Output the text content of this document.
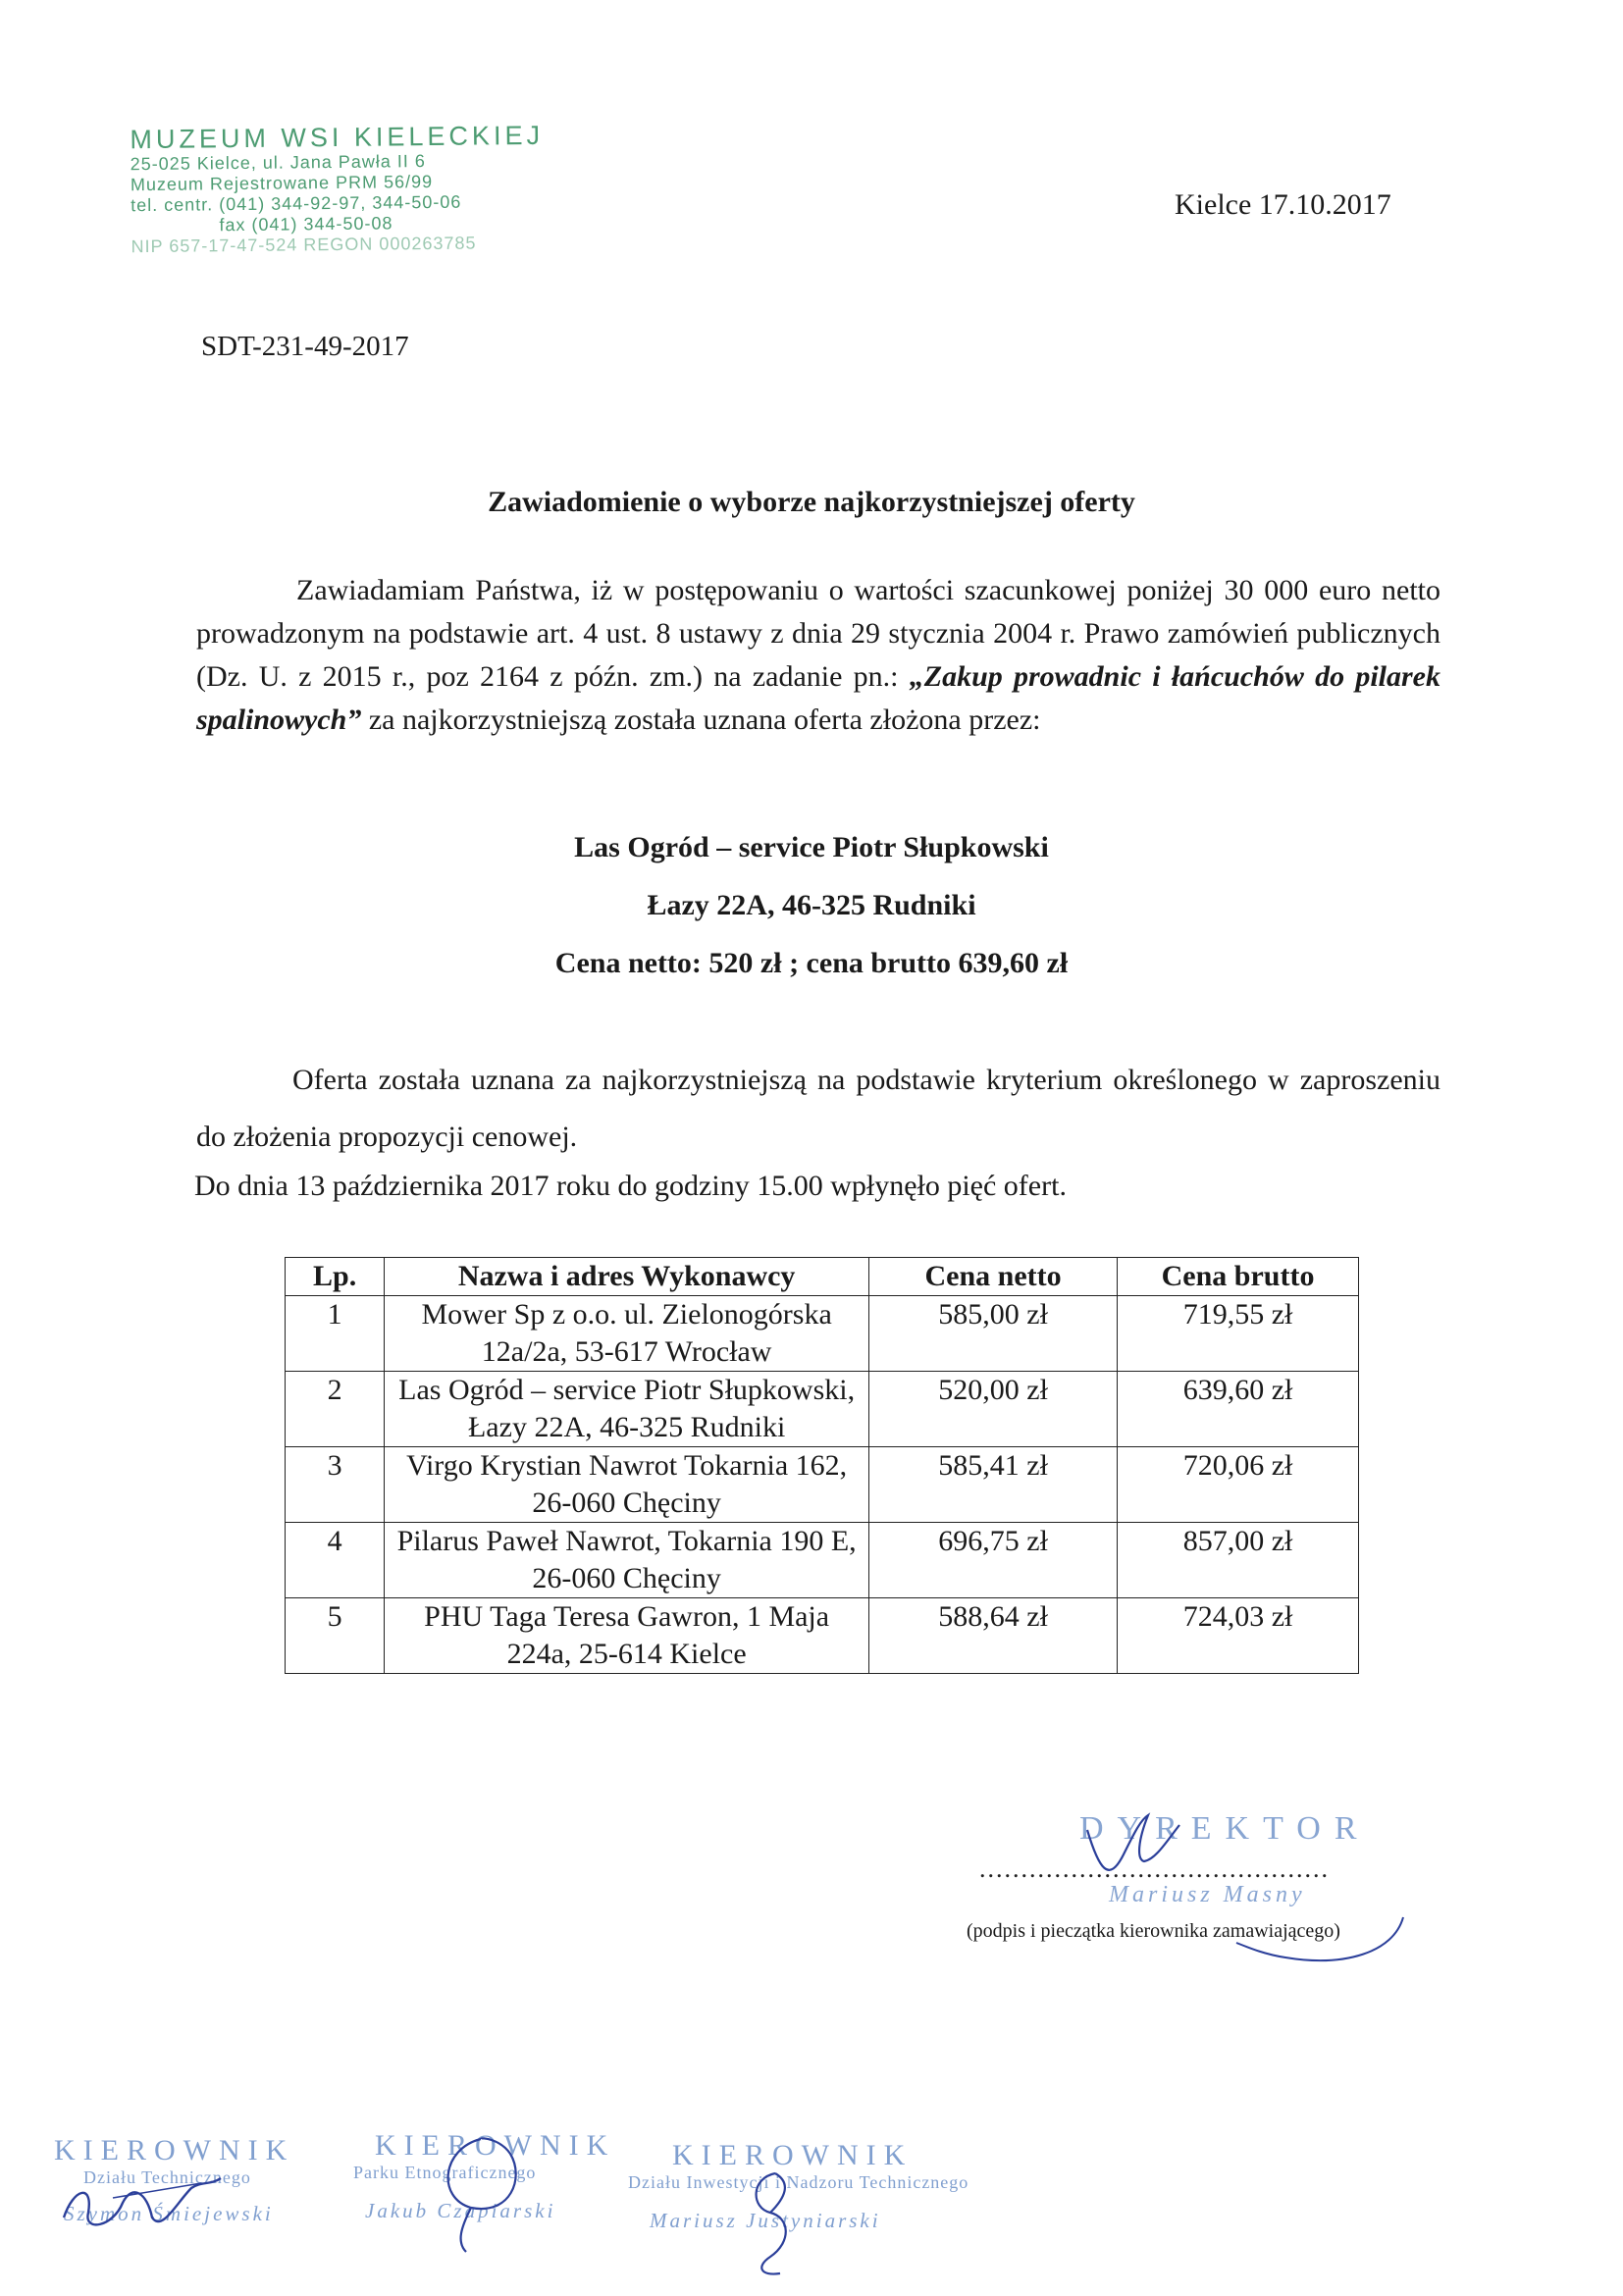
MUZEUM WSI KIELECKIEJ
25-025 Kielce, ul. Jana Pawła II 6
Muzeum Rejestrowane PRM 56/99
tel. centr. (041) 344-92-97, 344-50-06
fax (041) 344-50-08
NIP 657-17-47-524 REGON 000263785
Kielce 17.10.2017
SDT-231-49-2017
Zawiadomienie o wyborze najkorzystniejszej oferty
Zawiadamiam Państwa, iż w postępowaniu o wartości szacunkowej poniżej 30 000 euro netto prowadzonym na podstawie art. 4 ust. 8 ustawy z dnia 29 stycznia 2004 r. Prawo zamówień publicznych (Dz. U. z 2015 r., poz 2164 z późn. zm.) na zadanie pn.: „Zakup prowadnic i łańcuchów do pilarek spalinowych” za najkorzystniejszą została uznana oferta złożona przez:
Las Ogród – service Piotr Słupkowski
Łazy 22A, 46-325 Rudniki
Cena netto: 520 zł ; cena brutto 639,60 zł
Oferta została uznana za najkorzystniejszą na podstawie kryterium określonego w zaproszeniu do złożenia propozycji cenowej.
Do dnia 13 października 2017 roku do godziny 15.00 wpłynęło pięć ofert.
Lp.	Nazwa i adres Wykonawcy	Cena netto	Cena brutto
1	Mower Sp z o.o. ul. Zielonogórska 12a/2a, 53-617 Wrocław	585,00 zł	719,55 zł
2	Las Ogród – service Piotr Słupkowski, Łazy 22A, 46-325 Rudniki	520,00 zł	639,60 zł
3	Virgo Krystian Nawrot Tokarnia 162, 26-060 Chęciny	585,41 zł	720,06 zł
4	Pilarus Paweł Nawrot, Tokarnia 190 E, 26-060 Chęciny	696,75 zł	857,00 zł
5	PHU Taga Teresa Gawron, 1 Maja 224a, 25-614 Kielce	588,64 zł	724,03 zł
DYREKTOR
..........................................
Mariusz Masny
(podpis i pieczątka kierownika zamawiającego)
KIEROWNIK
Działu Technicznego
Szymon Śmiejewski
KIEROWNIK
Parku Etnograficznego
Jakub Czapiarski
KIEROWNIK
Działu Inwestycji i Nadzoru Technicznego
Mariusz Justyniarski
